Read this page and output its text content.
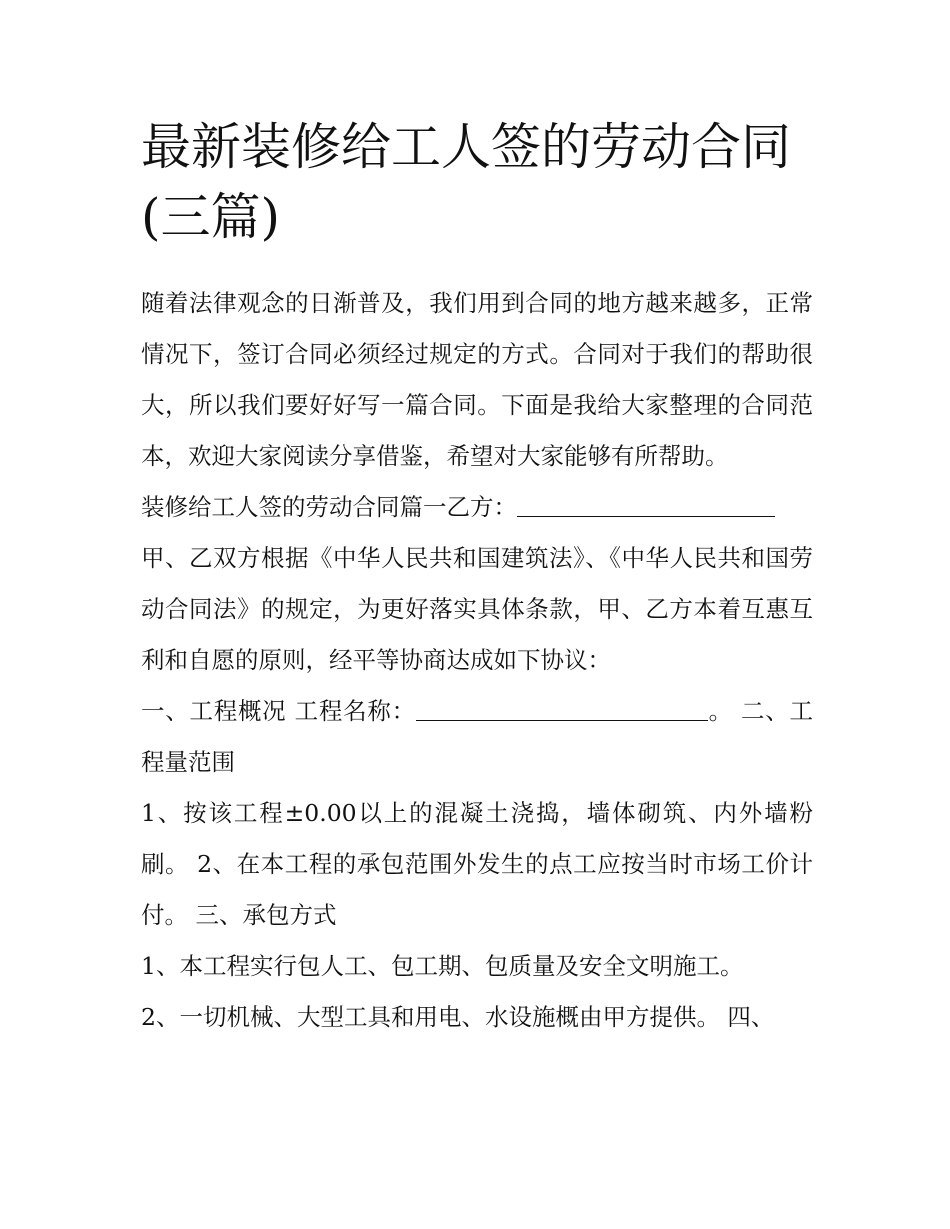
最新装修给工人签的劳动合同(三篇)

随着法律观念的日渐普及，我们用到合同的地方越来越多，正常情况下，签订合同必须经过规定的方式。合同对于我们的帮助很大，所以我们要好好写一篇合同。下面是我给大家整理的合同范本，欢迎大家阅读分享借鉴，希望对大家能够有所帮助。

装修给工人签的劳动合同篇一乙方：

甲、乙双方根据《中华人民共和国建筑法》、《中华人民共和国劳动合同法》的规定，为更好落实具体条款，甲、乙方本着互惠互利和自愿的原则，经平等协商达成如下协议：

一、工程概况 工程名称：	。 二、工程量范围

1、按该工程±0.00以上的混凝土浇捣，墙体砌筑、内外墙粉刷。 2、在本工程的承包范围外发生的点工应按当时市场工价计付。 三、承包方式

1、本工程实行包人工、包工期、包质量及安全文明施工。

2、一切机械、大型工具和用电、水设施概由甲方提供。 四、
